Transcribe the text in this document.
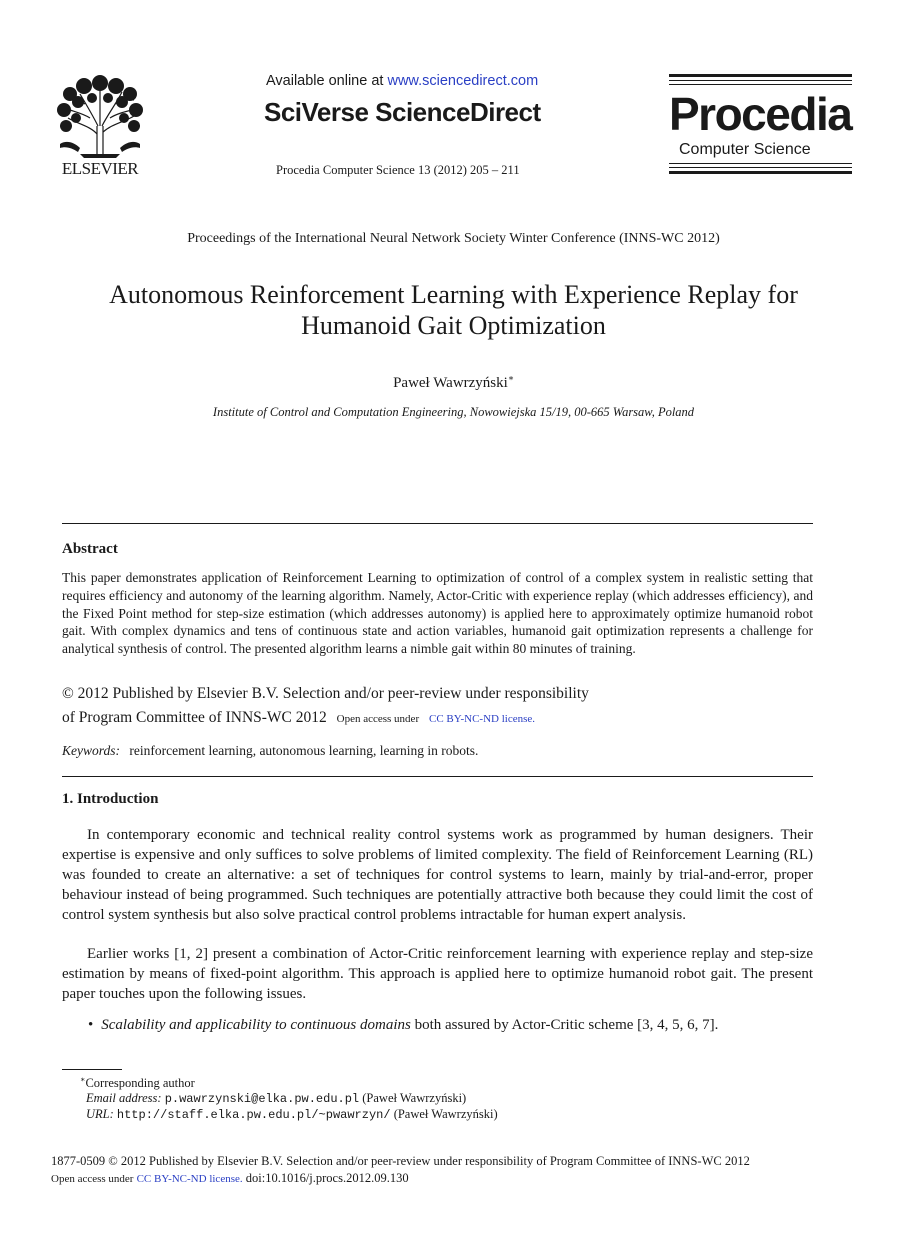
ELSEVIER
Available online at www.sciencedirect.com
SciVerse ScienceDirect
Procedia Computer Science 13 (2012) 205 – 211
Procedia
Computer Science
Proceedings of the International Neural Network Society Winter Conference (INNS-WC 2012)
Autonomous Reinforcement Learning with Experience Replay for
Humanoid Gait Optimization
Paweł Wawrzyński∗
Institute of Control and Computation Engineering, Nowowiejska 15/19, 00-665 Warsaw, Poland
Abstract
This paper demonstrates application of Reinforcement Learning to optimization of control of a complex system in realistic setting that requires efficiency and autonomy of the learning algorithm. Namely, Actor-Critic with experience replay (which addresses efficiency), and the Fixed Point method for step-size estimation (which addresses autonomy) is applied here to approximately optimize humanoid robot gait. With complex dynamics and tens of continuous state and action variables, humanoid gait optimization represents a challenge for analytical synthesis of control. The presented algorithm learns a nimble gait within 80 minutes of training.
© 2012 Published by Elsevier B.V. Selection and/or peer-review under responsibility
of Program Committee of INNS-WC 2012 Open access under CC BY-NC-ND license.
Keywords: reinforcement learning, autonomous learning, learning in robots.
1. Introduction
In contemporary economic and technical reality control systems work as programmed by human designers. Their expertise is expensive and only suffices to solve problems of limited complexity. The field of Reinforcement Learning (RL) was founded to create an alternative: a set of techniques for control systems to learn, mainly by trial-and-error, proper behaviour instead of being programmed. Such techniques are potentially attractive both because they could limit the cost of control system synthesis but also solve practical control problems intractable for human expert analysis.
Earlier works [1, 2] present a combination of Actor-Critic reinforcement learning with experience replay and step-size estimation by means of fixed-point algorithm. This approach is applied here to optimize humanoid robot gait. The present paper touches upon the following issues.
• Scalability and applicability to continuous domains both assured by Actor-Critic scheme [3, 4, 5, 6, 7].
∗Corresponding author
Email address: p.wawrzynski@elka.pw.edu.pl (Paweł Wawrzyński)
URL: http://staff.elka.pw.edu.pl/~pwawrzyn/ (Paweł Wawrzyński)
1877-0509 © 2012 Published by Elsevier B.V. Selection and/or peer-review under responsibility of Program Committee of INNS-WC 2012
Open access under CC BY-NC-ND license. doi:10.1016/j.procs.2012.09.130
